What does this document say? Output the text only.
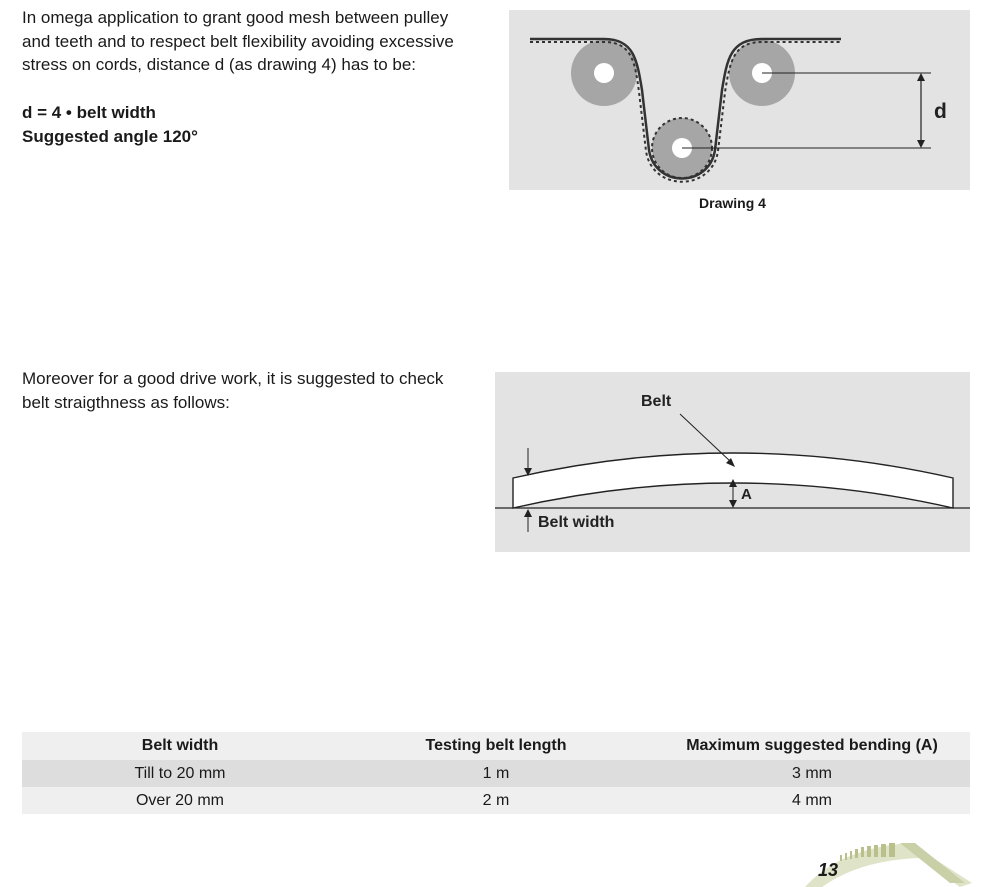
In omega application to grant good mesh between pulley
and teeth and to respect belt flexibility avoiding excessive
stress on cords, distance d (as drawing 4) has to be:
d = 4 • belt width
Suggested angle 120°
d
Drawing 4
Moreover for a good drive work, it is suggested to check
belt straigthness as follows:	Belt
Belt width
A
Belt width	Testing belt length	Maximum suggested bending (A)
Till to 20 mm	1 m	3 mm
Over 20 mm	2 m	4 mm
13
